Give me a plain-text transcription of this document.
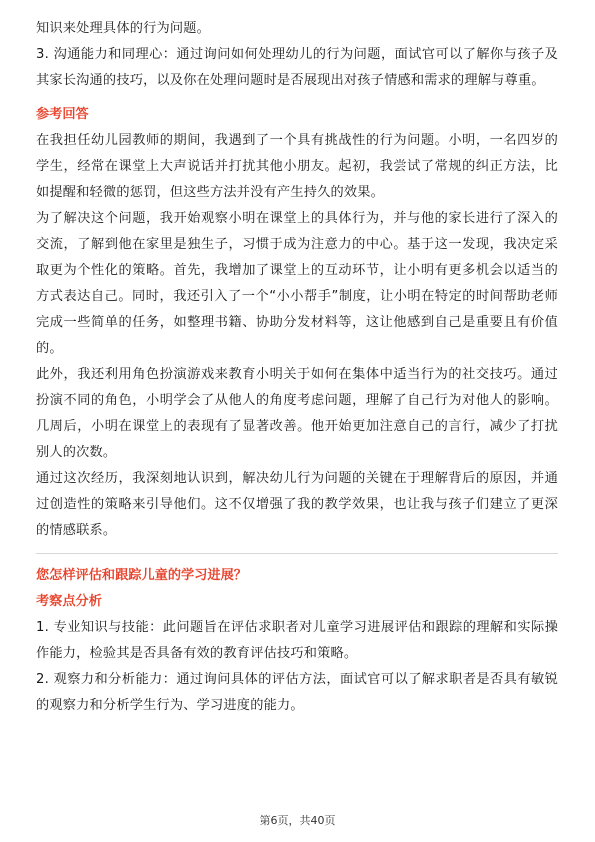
知识来处理具体的行为问题。

3. 沟通能力和同理心：通过询问如何处理幼儿的行为问题，面试官可以了解你与孩子及其家长沟通的技巧，以及你在处理问题时是否展现出对孩子情感和需求的理解与尊重。

参考回答

在我担任幼儿园教师的期间，我遇到了一个具有挑战性的行为问题。小明，一名四岁的学生，经常在课堂上大声说话并打扰其他小朋友。起初，我尝试了常规的纠正方法，比如提醒和轻微的惩罚，但这些方法并没有产生持久的效果。

为了解决这个问题，我开始观察小明在课堂上的具体行为，并与他的家长进行了深入的交流，了解到他在家里是独生子，习惯于成为注意力的中心。基于这一发现，我决定采取更为个性化的策略。首先，我增加了课堂上的互动环节，让小明有更多机会以适当的方式表达自己。同时，我还引入了一个“小小帮手”制度，让小明在特定的时间帮助老师完成一些简单的任务，如整理书籍、协助分发材料等，这让他感到自己是重要且有价值的。

此外，我还利用角色扮演游戏来教育小明关于如何在集体中适当行为的社交技巧。通过扮演不同的角色，小明学会了从他人的角度考虑问题，理解了自己行为对他人的影响。几周后，小明在课堂上的表现有了显著改善。他开始更加注意自己的言行，减少了打扰别人的次数。

通过这次经历，我深刻地认识到，解决幼儿行为问题的关键在于理解背后的原因，并通过创造性的策略来引导他们。这不仅增强了我的教学效果，也让我与孩子们建立了更深的情感联系。

您怎样评估和跟踪儿童的学习进展？

考察点分析

1. 专业知识与技能：此问题旨在评估求职者对儿童学习进展评估和跟踪的理解和实际操作能力，检验其是否具备有效的教育评估技巧和策略。

2. 观察力和分析能力：通过询问具体的评估方法，面试官可以了解求职者是否具有敏锐的观察力和分析学生行为、学习进度的能力。

第6页，共40页
